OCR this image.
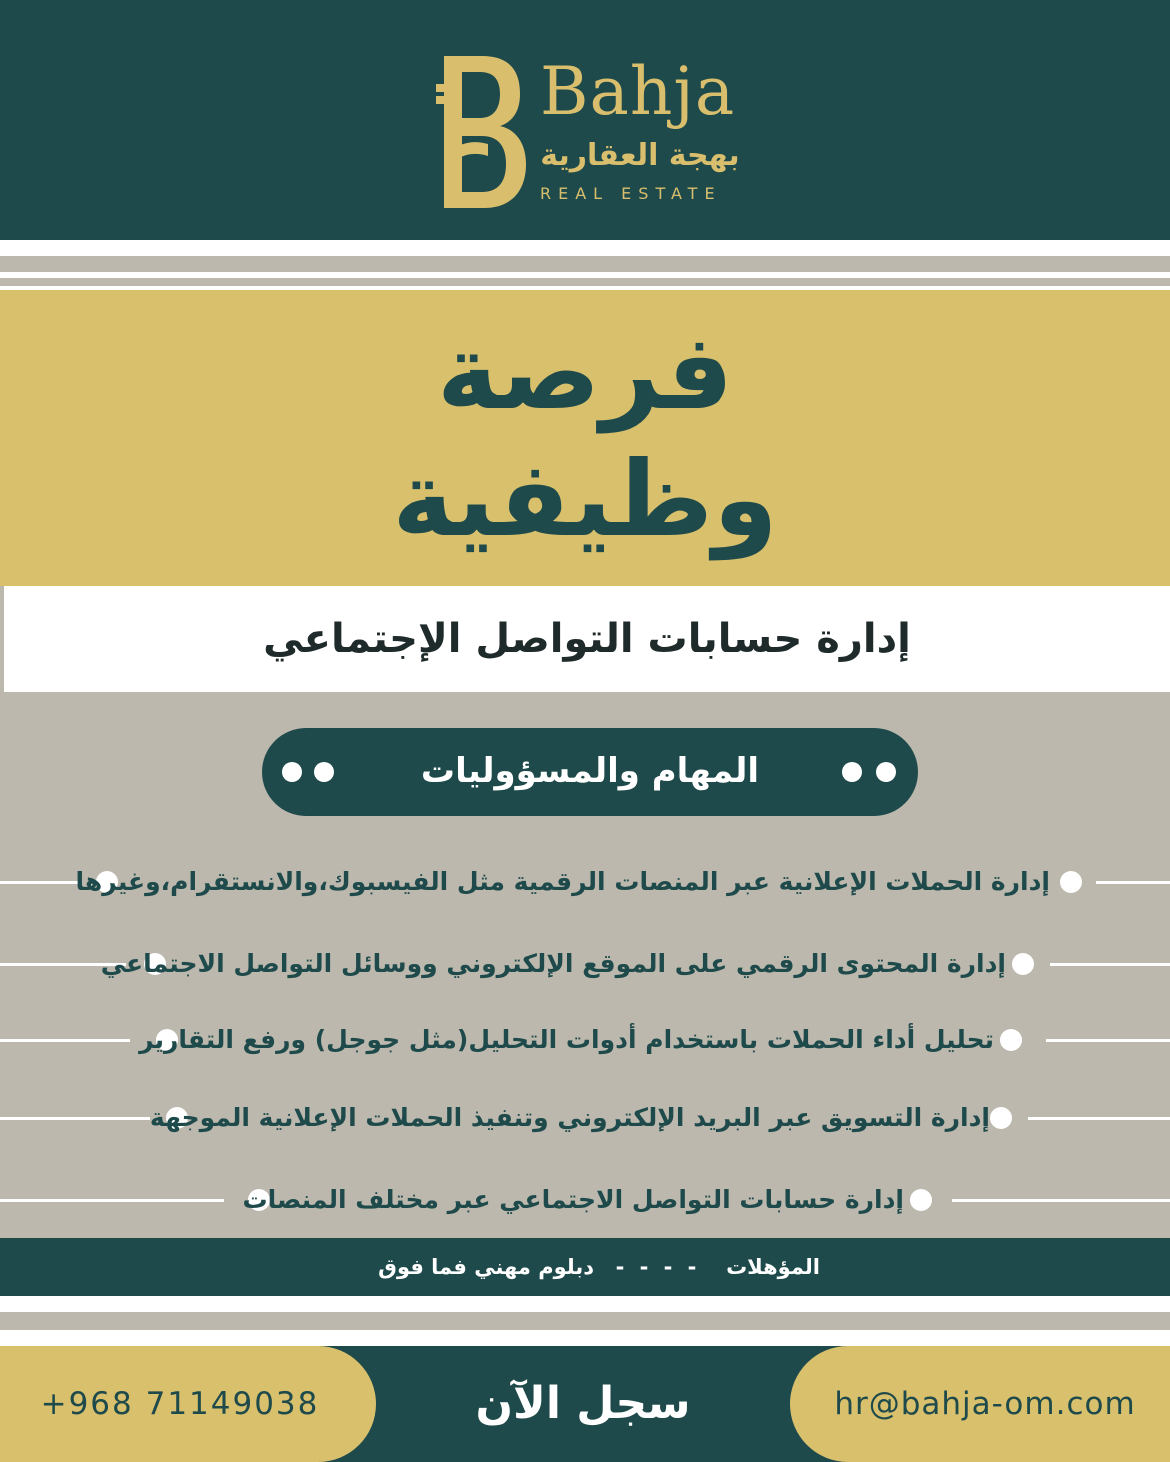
Bahja
بهجة العقارية
REAL ESTATE
فرصة
وظيفية
إدارة حسابات التواصل الإجتماعي
المهام والمسؤوليات
إدارة الحملات الإعلانية عبر المنصات الرقمية مثل الفيسبوك،والانستقرام،وغيرها
إدارة المحتوى الرقمي على الموقع الإلكتروني ووسائل التواصل الاجتماعي
تحليل أداء الحملات باستخدام أدوات التحليل(مثل جوجل) ورفع التقارير
إدارة التسويق عبر البريد الإلكتروني وتنفيذ الحملات الإعلانية الموجهة
إدارة حسابات التواصل الاجتماعي عبر مختلف المنصات
المؤهلات
- - - -
دبلوم مهني فما فوق
+968 71149038	سجل الآن	hr@bahja-om.com
